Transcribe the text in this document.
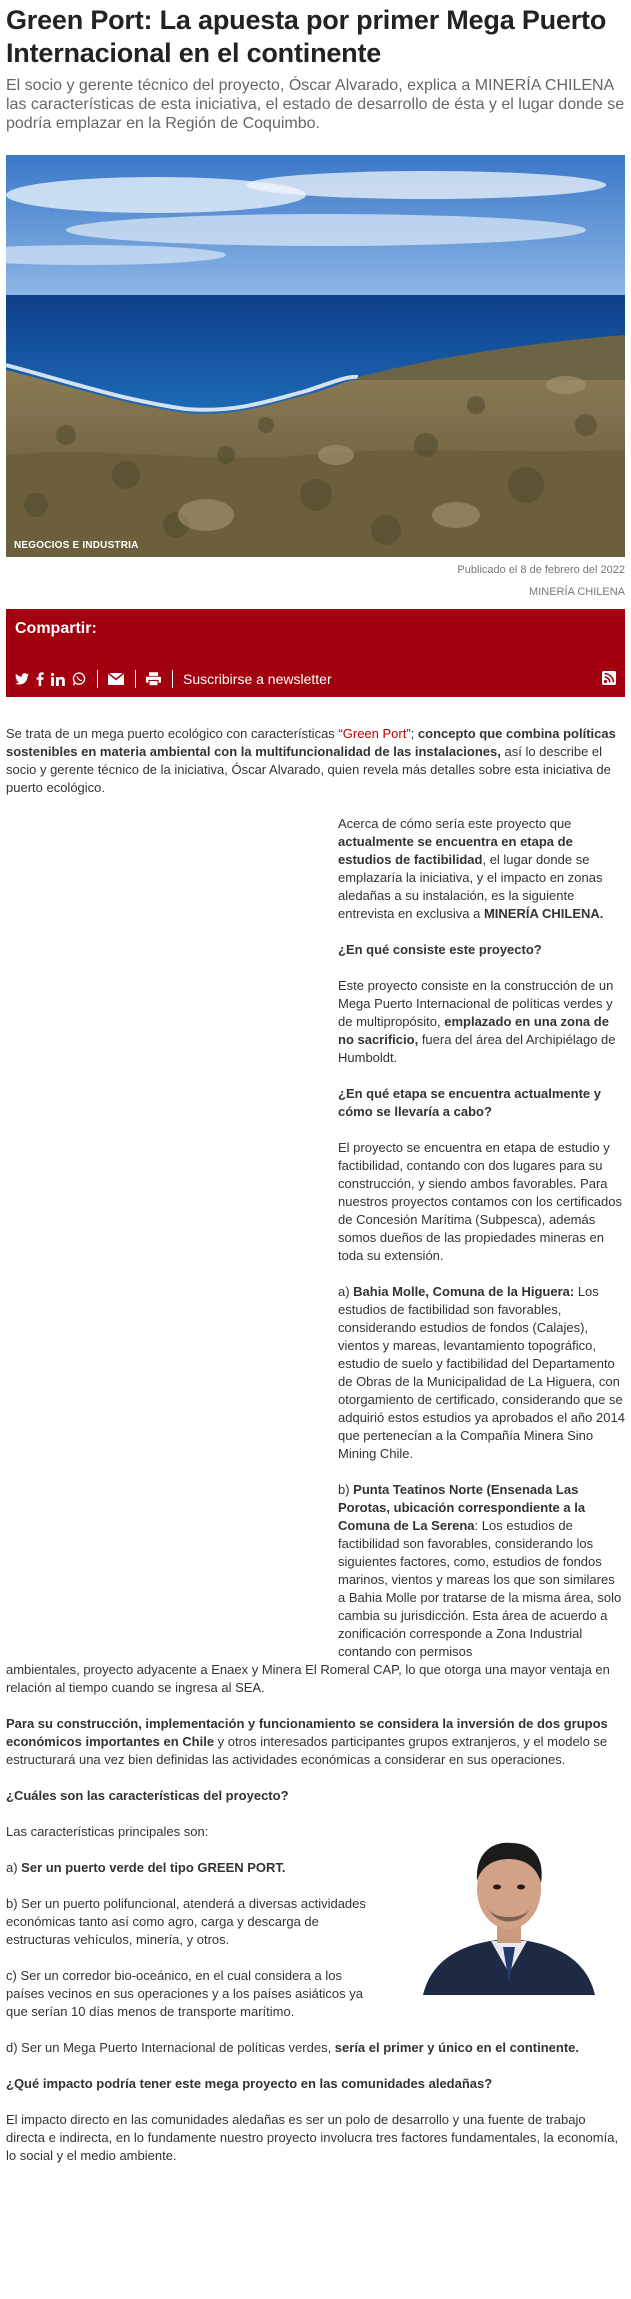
Green Port: La apuesta por primer Mega Puerto Internacional en el continente

El socio y gerente técnico del proyecto, Óscar Alvarado, explica a MINERÍA CHILENA las características de esta iniciativa, el estado de desarrollo de ésta y el lugar donde se podría emplazar en la Región de Coquimbo.

NEGOCIOS E INDUSTRIA
Publicado el 8 de febrero del 2022
MINERÍA CHILENA
Compartir:
Suscribirse a newsletter

Se trata de un mega puerto ecológico con características “Green Port”; concepto que combina políticas sostenibles en materia ambiental con la multifuncionalidad de las instalaciones, así lo describe el socio y gerente técnico de la iniciativa, Óscar Alvarado, quien revela más detalles sobre esta iniciativa de puerto ecológico.

Acerca de cómo sería este proyecto que actualmente se encuentra en etapa de estudios de factibilidad, el lugar donde se emplazaría la iniciativa, y el impacto en zonas aledañas a su instalación, es la siguiente entrevista en exclusiva a MINERÍA CHILENA.

¿En qué consiste este proyecto?

Este proyecto consiste en la construcción de un Mega Puerto Internacional de políticas verdes y de multipropósito, emplazado en una zona de no sacrificio, fuera del área del Archipiélago de Humboldt.

¿En qué etapa se encuentra actualmente y cómo se llevaría a cabo?

El proyecto se encuentra en etapa de estudio y factibilidad, contando con dos lugares para su construcción, y siendo ambos favorables. Para nuestros proyectos contamos con los certificados de Concesión Marítima (Subpesca), además somos dueños de las propiedades mineras en toda su extensión.

a) Bahia Molle, Comuna de la Higuera: Los estudios de factibilidad son favorables, considerando estudios de fondos (Calajes), vientos y mareas, levantamiento topográfico, estudio de suelo y factibilidad del Departamento de Obras de la Municipalidad de La Higuera, con otorgamiento de certificado, considerando que se adquirió estos estudios ya aprobados el año 2014 que pertenecían a la Compañía Minera Sino Mining Chile.

b) Punta Teatinos Norte (Ensenada Las Porotas, ubicación correspondiente a la Comuna de La Serena: Los estudios de factibilidad son favorables, considerando los siguientes factores, como, estudios de fondos marinos, vientos y mareas los que son similares a Bahia Molle por tratarse de la misma área, solo cambia su jurisdicción. Esta área de acuerdo a zonificación corresponde a Zona Industrial contando con permisos

ambientales, proyecto adyacente a Enaex y Minera El Romeral CAP, lo que otorga una mayor ventaja en relación al tiempo cuando se ingresa al SEA.

Para su construcción, implementación y funcionamiento se considera la inversión de dos grupos económicos importantes en Chile y otros interesados participantes grupos extranjeros, y el modelo se estructurará una vez bien definidas las actividades económicas a considerar en sus operaciones.

¿Cuáles son las características del proyecto?

Las características principales son:

a) Ser un puerto verde del tipo GREEN PORT.

b) Ser un puerto polifuncional, atenderá a diversas actividades económicas tanto así como agro, carga y descarga de estructuras vehículos, minería, y otros.

c) Ser un corredor bio-oceánico, en el cual considera a los países vecinos en sus operaciones y a los países asiáticos ya que serían 10 días menos de transporte marítimo.

d) Ser un Mega Puerto Internacional de políticas verdes, sería el primer y único en el continente.

¿Qué impacto podría tener este mega proyecto en las comunidades aledañas?

El impacto directo en las comunidades aledañas es ser un polo de desarrollo y una fuente de trabajo directa e indirecta, en lo fundamente nuestro proyecto involucra tres factores fundamentales, la economía, lo social y el medio ambiente.
